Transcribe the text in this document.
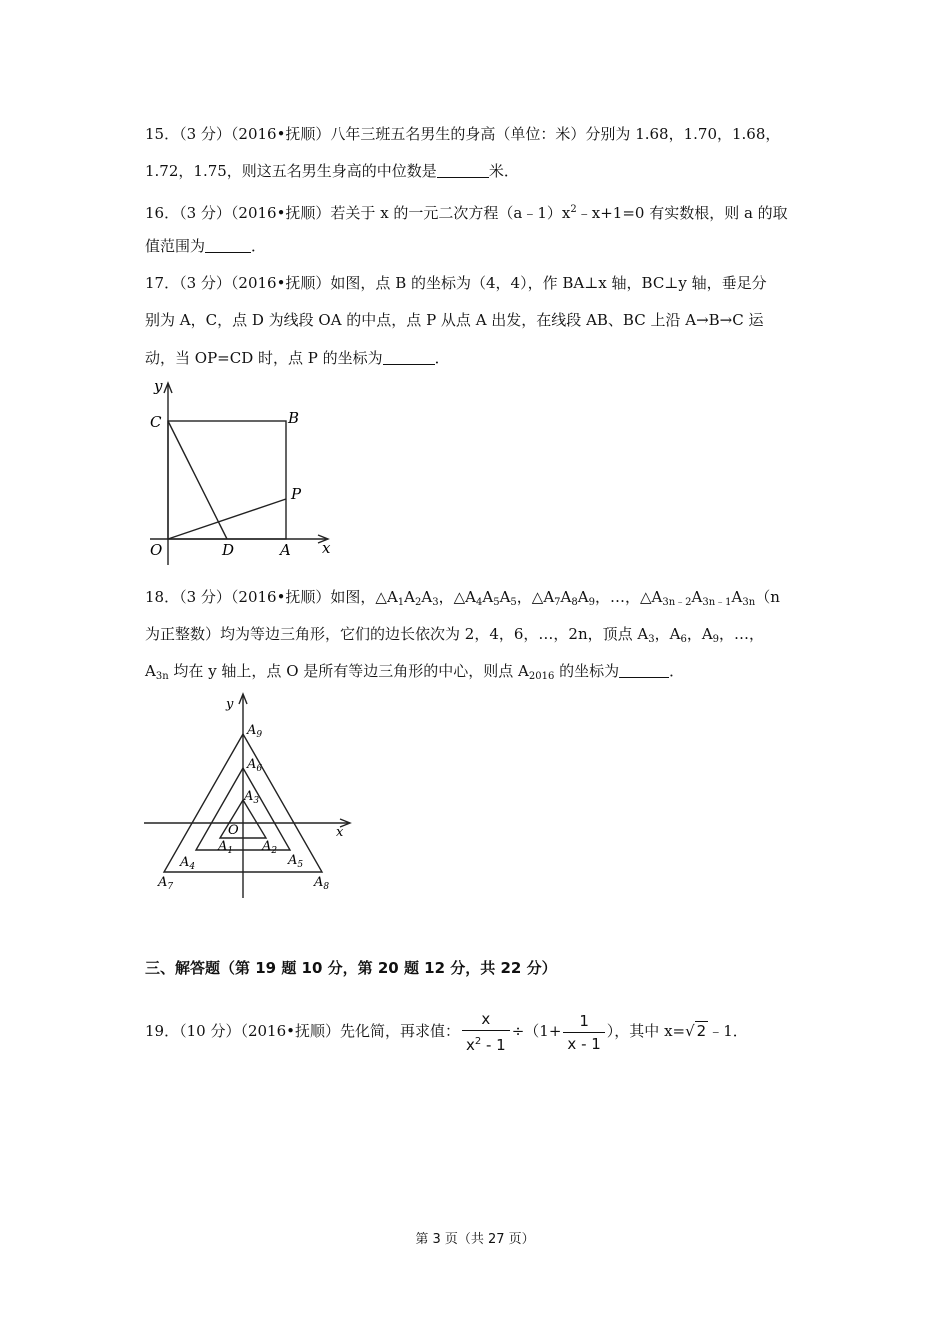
15．（3 分）（2016•抚顺）八年三班五名男生的身高（单位：米）分别为 1.68，1.70，1.68，
1.72，1.75，则这五名男生身高的中位数是	米．
16．（3 分）（2016•抚顺）若关于 x 的一元二次方程$(a﹣1)x^2﹣x+1=0$ 有实数根，则 a 的取
值范围为	．
17．（3 分）（2016•抚顺）如图，点 B 的坐标为（4，4），作 BA⊥x 轴，BC⊥y 轴，垂足分
别为 A，C，点 D 为线段 OA 的中点，点 P 从点 A 出发，在线段 AB、BC 上沿 A→B→C 运
动，当 OP=CD 时，点 P 的坐标为	．
y
C	B
P
O	D	A x
18．（3 分）（2016•抚顺）如图，$\triangle A_1A_2A_3$，$\triangle A_4A_5A_5$，$\triangle A_7A_8A_9$，…，$\triangle A_{3n﹣2}A_{3n﹣1}A_{3n}(n$
为正整数）均为等边三角形，它们的边长依次为 2，4，6，…，2n，顶点 $A_3$，$A_6$，$A_9$，…，
$A_{3n}$ 均在 y 轴上，点 O 是所有等边三角形的中心，则点 $A_{2016}$ 的坐标为	．
y
x
$A_9$
$A_6$
$A_3$
O
$A_1$ $A_2$
$A_4$	$A_5$
$A_7$	$A_8$
三、解答题（第 19 题 10 分，第 20 题 12 分，共 22 分）
19．（10 分）（2016•抚顺）先化简，再求值： $\frac{x}{x^2 - 1} \div(1+ \frac{1}{x - 1}$ ），其中 x=√ 2 ﹣1．
第 3 页（共 27 页）
